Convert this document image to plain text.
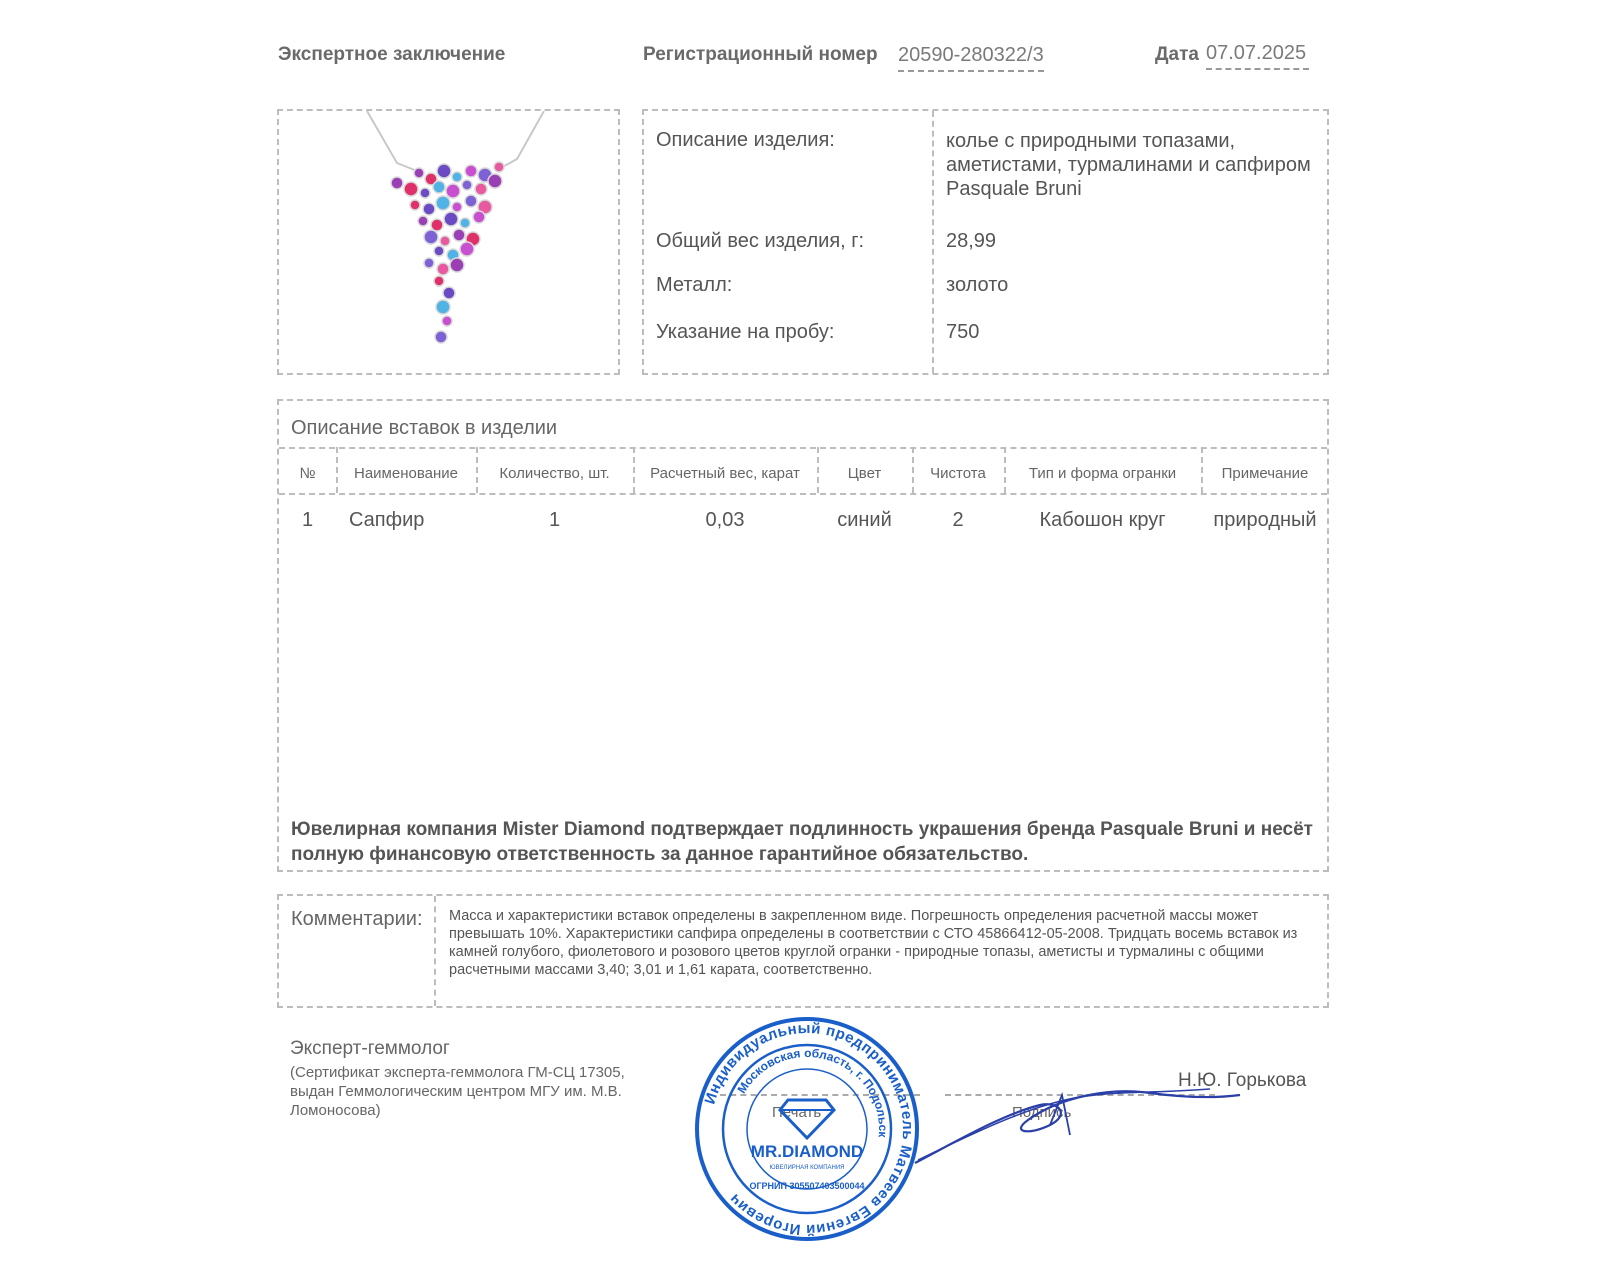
Экспертное заключение	Регистрационный номер 20590-280322/3	Дата 07.07.2025
Описание изделия:	колье с природными топазами, аметистами, турмалинами и сапфиром Pasquale Bruni
Общий вес изделия, г:	28,99
Металл:	золото
Указание на пробу:	750
Описание вставок в изделии
№	Наименование	Количество, шт.	Расчетный вес, карат	Цвет	Чистота	Тип и форма огранки	Примечание
1	Сапфир	1	0,03	синий	2	Кабошон круг	природный
Ювелирная компания Mister Diamond подтверждает подлинность украшения бренда Pasquale Bruni и несёт полную финансовую ответственность за данное гарантийное обязательство.
Комментарии: Масса и характеристики вставок определены в закрепленном виде. Погрешность определения расчетной массы может превышать 10%. Характеристики сапфира определены в соответствии с СТО 45866412-05-2008. Тридцать восемь вставок из камней голубого, фиолетового и розового цветов круглой огранки - природные топазы, аметисты и турмалины с общими расчетными массами 3,40; 3,01 и 1,61 карата, соответственно.
Эксперт-геммолог
(Сертификат эксперта-геммолога ГМ-СЦ 17305, выдан Геммологическим центром МГУ им. М.В. Ломоносова)	Печать	Подпись
Н.Ю. Горькова
Индивидуальный предприниматель Матвеев Евгений Игоревич
Московская область, г. Подольск
MR.DIAMOND
ЮВЕЛИРНАЯ КОМПАНИЯ
ОГРНИП 305507403500044
